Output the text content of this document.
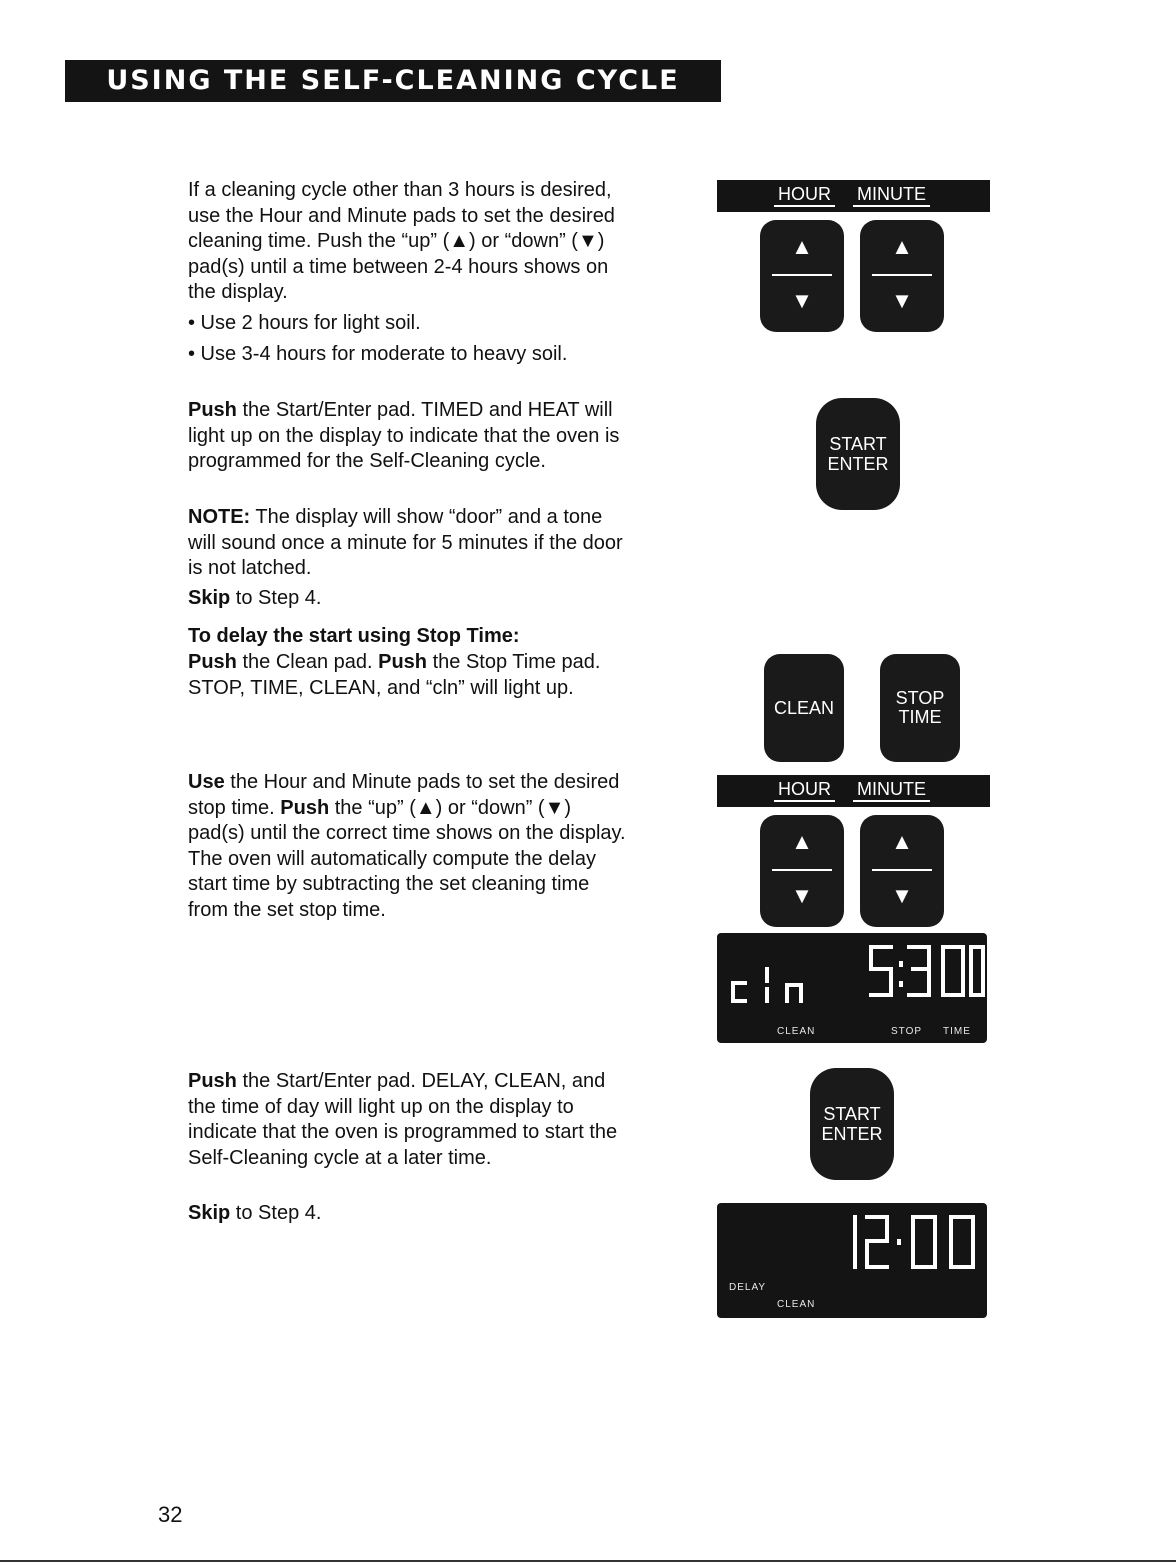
USING THE SELF-CLEANING CYCLE

If a cleaning cycle other than 3 hours is desired, use the Hour and Minute pads to set the desired cleaning time. Push the “up” (▲) or “down” (▼) pad(s) until a time between 2-4 hours shows on the display.

• Use 2 hours for light soil.

• Use 3-4 hours for moderate to heavy soil.

Push the Start/Enter pad. TIMED and HEAT will light up on the display to indicate that the oven is programmed for the Self-Cleaning cycle.

NOTE: The display will show “door” and a tone will sound once a minute for 5 minutes if the door is not latched.

Skip to Step 4.

To delay the start using Stop Time:

Push the Clean pad. Push the Stop Time pad. STOP, TIME, CLEAN, and “cln” will light up.

Use the Hour and Minute pads to set the desired stop time. Push the “up” (▲) or “down” (▼) pad(s) until the correct time shows on the display. The oven will automatically compute the delay start time by subtracting the set cleaning time from the set stop time.

Push the Start/Enter pad. DELAY, CLEAN, and the time of day will light up on the display to indicate that the oven is programmed to start the Self-Cleaning cycle at a later time.

Skip to Step 4.

HOUR MINUTE
▲
▼
▲
▼
START
ENTER
CLEAN	STOP
TIME
HOUR MINUTE
▲
▼
▲
▼
CLEAN	STOP TIME
START
ENTER
DELAY
CLEAN
32
